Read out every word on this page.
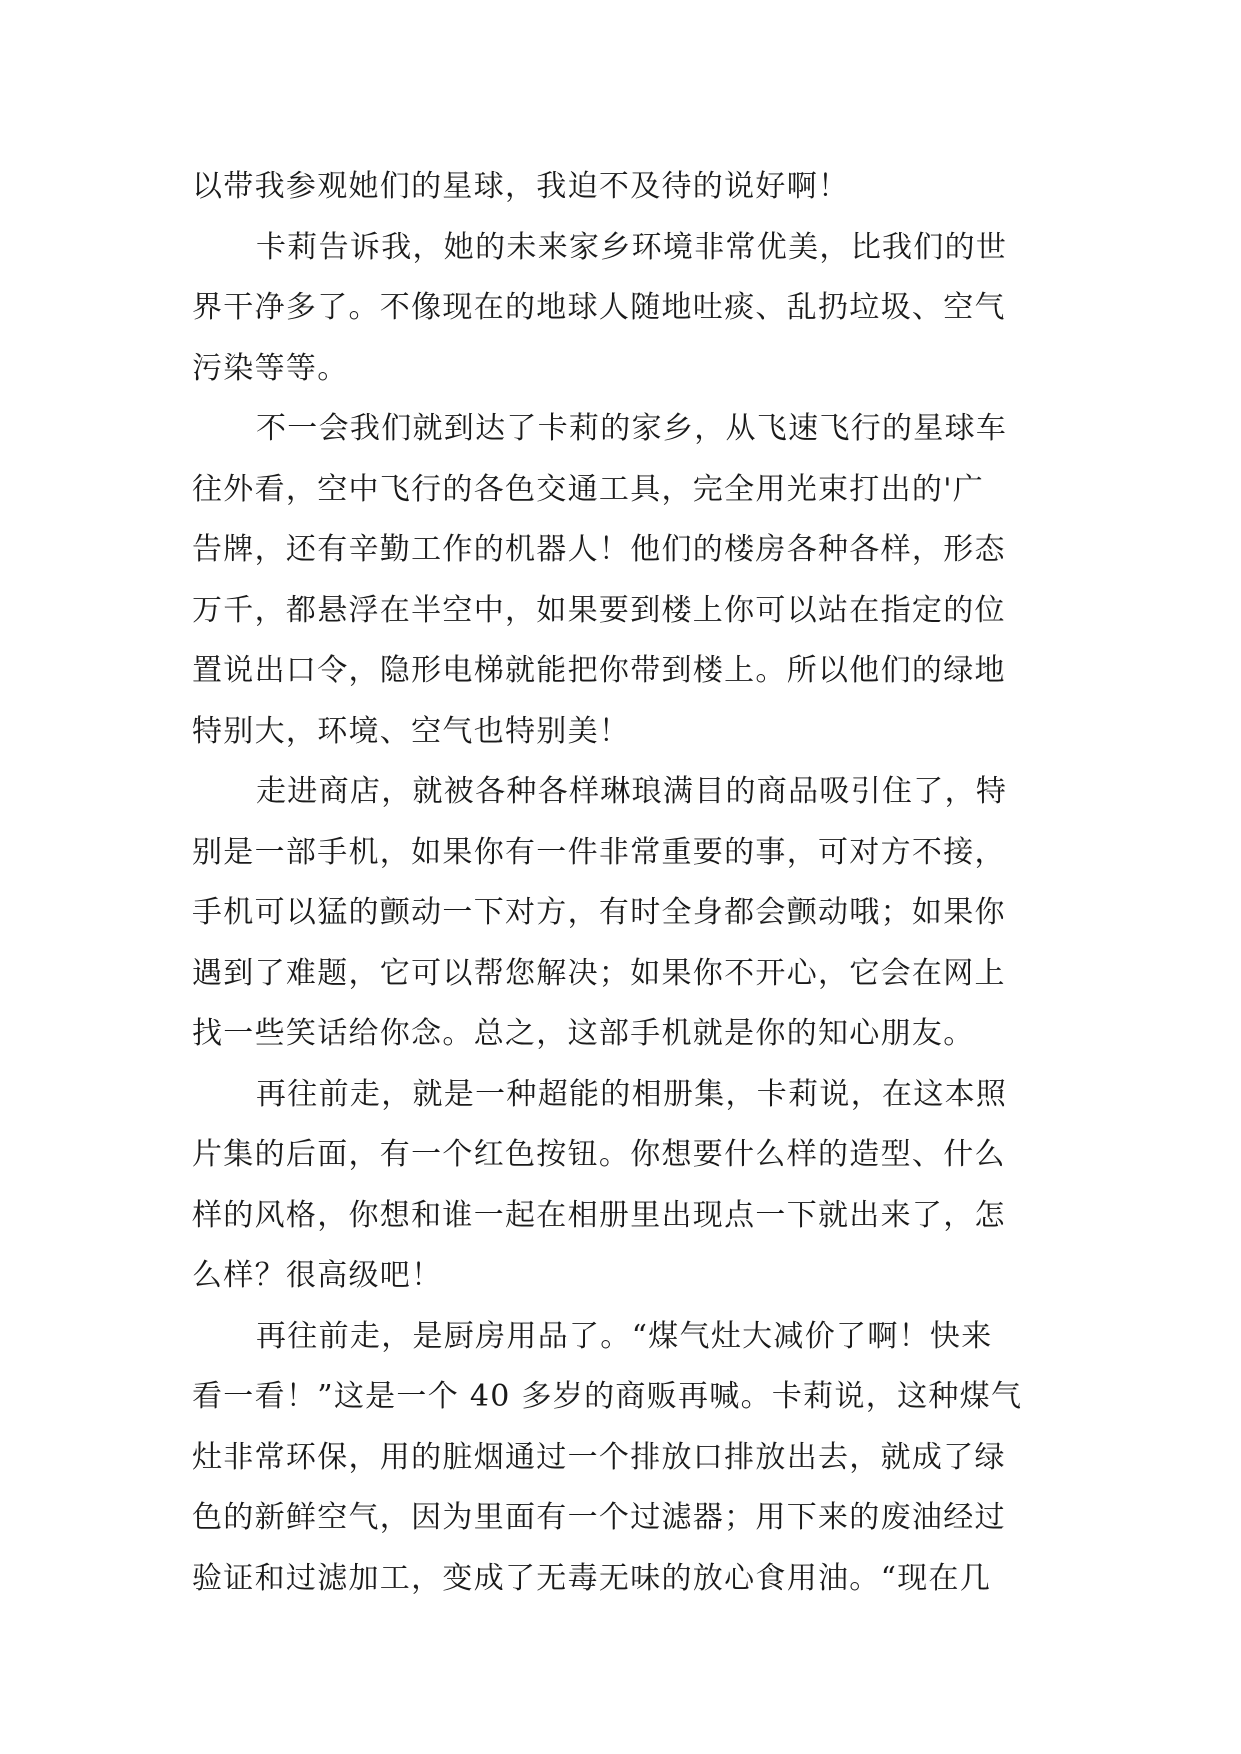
以带我参观她们的星球，我迫不及待的说好啊！
卡莉告诉我，她的未来家乡环境非常优美，比我们的世
界干净多了。不像现在的地球人随地吐痰、乱扔垃圾、空气
污染等等。
不一会我们就到达了卡莉的家乡，从飞速飞行的星球车
往外看，空中飞行的各色交通工具，完全用光束打出的'广
告牌，还有辛勤工作的机器人！他们的楼房各种各样，形态
万千，都悬浮在半空中，如果要到楼上你可以站在指定的位
置说出口令，隐形电梯就能把你带到楼上。所以他们的绿地
特别大，环境、空气也特别美！
走进商店，就被各种各样琳琅满目的商品吸引住了，特
别是一部手机，如果你有一件非常重要的事，可对方不接，
手机可以猛的颤动一下对方，有时全身都会颤动哦；如果你
遇到了难题，它可以帮您解决；如果你不开心，它会在网上
找一些笑话给你念。总之，这部手机就是你的知心朋友。
再往前走，就是一种超能的相册集，卡莉说，在这本照
片集的后面，有一个红色按钮。你想要什么样的造型、什么
样的风格，你想和谁一起在相册里出现点一下就出来了，怎
么样？很高级吧！
再往前走，是厨房用品了。“煤气灶大减价了啊！快来
看一看！”这是一个 40 多岁的商贩再喊。卡莉说，这种煤气
灶非常环保，用的脏烟通过一个排放口排放出去，就成了绿
色的新鲜空气，因为里面有一个过滤器；用下来的废油经过
验证和过滤加工，变成了无毒无味的放心食用油。“现在几
